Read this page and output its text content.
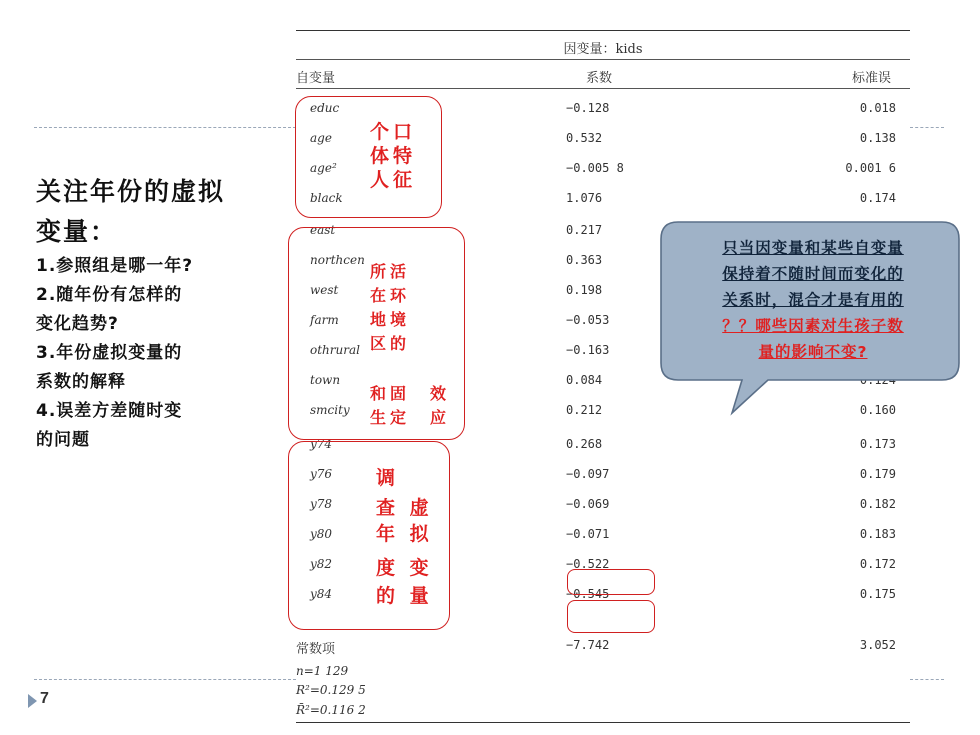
关注年份的虚拟
变量：
1.参照组是哪一年?
2.随年份有怎样的
变化趋势?
3.年份虚拟变量的
系数的解释
4.误差方差随时变
的问题
7
因变量：kids
自变量	系数	标准误
educ	−0.128	0.018
age	0.532	0.138
age²	−0.005 8	0.001 6
black	1.076	0.174
east	0.217
northcen	0.363
west	0.198
farm	−0.053
othrural	−0.163
town	0.084
smcity	0.212	0.160
y74	0.268	0.173
y76	−0.097	0.179
y78	−0.069	0.182
y80	−0.071	0.183
y82	−0.522	0.172
y84	−0.545	0.175
常数项	−7.742	3.052
n=1 129
R²=0.129 5
R̄²=0.116 2
个口
体特
人征
所活
在环
地境
区的
和固
生定
效
应
调
查 虚
年 拟
度 变
的 量
只当因变量和某些自变量
保持着不随时间而变化的
关系时，混合才是有用的
？？哪些因素对生孩子数
量的影响不变?
